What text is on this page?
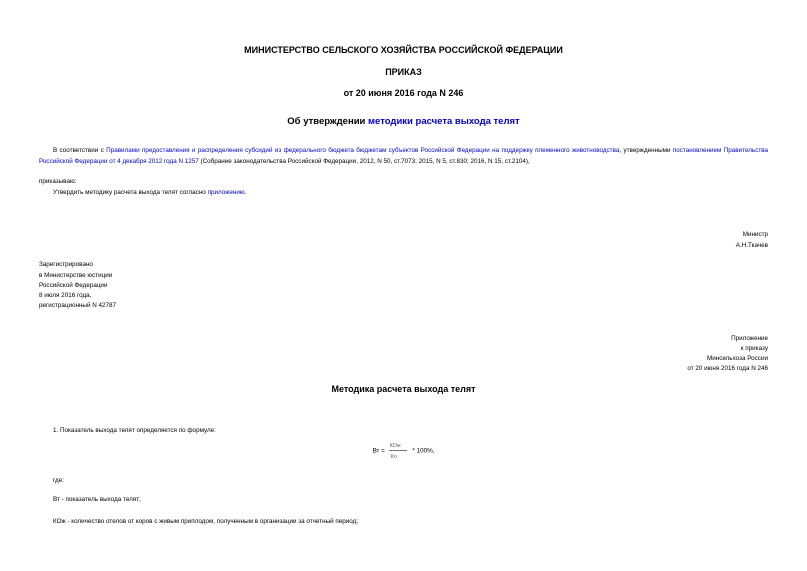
МИНИСТЕРСТВО СЕЛЬСКОГО ХОЗЯЙСТВА РОССИЙСКОЙ ФЕДЕРАЦИИ
ПРИКАЗ
от 20 июня 2016 года N 246
Об утверждении методики расчета выхода телят
В соответствии с Правилами предоставления и распределения субсидий из федерального бюджета бюджетам субъектов Российской Федерации на поддержку племенного животноводства, утвержденными постановлением Правительства Российской Федерации от 4 декабря 2012 года N 1257 (Собрание законодательства Российской Федерации, 2012, N 50, ст.7073; 2015, N 5, ст.830; 2016, N 15, ст.2104),
приказываю:
Утвердить методику расчета выхода телят согласно приложению.
Министр
А.Н.Ткачев
Зарегистрировано
в Министерстве юстиции
Российской Федерации
8 июля 2016 года,
регистрационный N 42787
Приложение
к приказу
Минсельхоза России
от 20 июня 2016 года N 246
Методика расчета выхода телят
1. Показатель выхода телят определяется по формуле:
Вт = $\frac{\text{КОж}}{Ко} * 100\%$,
где:
Вт - показатель выхода телят;
КОж - количество отелов от коров с живым приплодом, полученным в организации за отчетный период;
